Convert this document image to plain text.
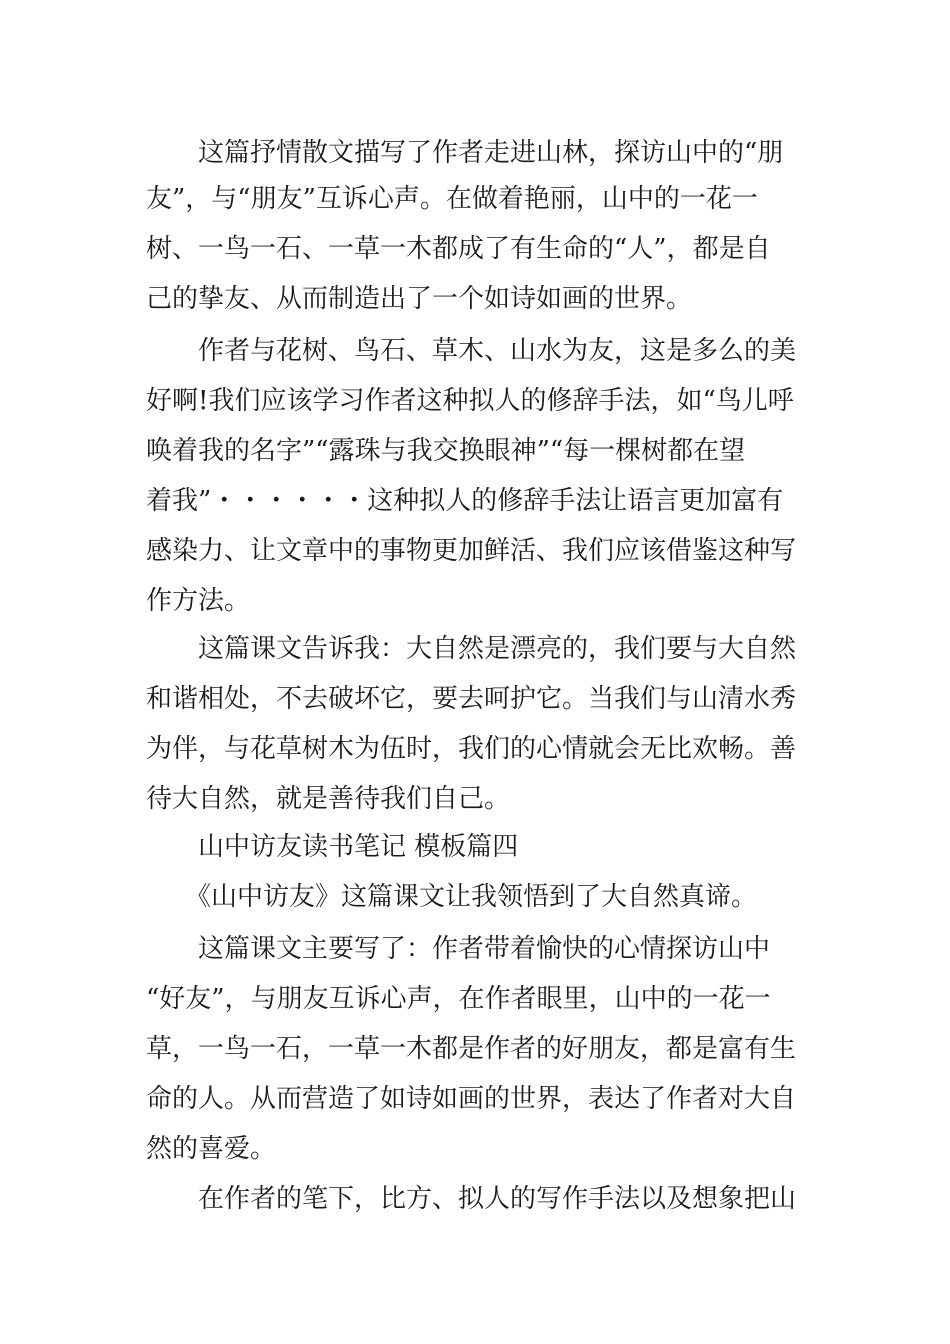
　　这篇抒情散文描写了作者走进山林，探访山中的“朋
友”，与“朋友”互诉心声。在做着艳丽，山中的一花一
树、一鸟一石、一草一木都成了有生命的“人”，都是自
己的挚友、从而制造出了一个如诗如画的世界。
　　作者与花树、鸟石、草木、山水为友，这是多么的美
好啊!我们应该学习作者这种拟人的修辞手法，如“鸟儿呼
唤着我的名字”“露珠与我交换眼神”“每一棵树都在望
着我”・・・・・・这种拟人的修辞手法让语言更加富有
感染力、让文章中的事物更加鲜活、我们应该借鉴这种写
作方法。
　　这篇课文告诉我：大自然是漂亮的，我们要与大自然
和谐相处，不去破坏它，要去呵护它。当我们与山清水秀
为伴，与花草树木为伍时，我们的心情就会无比欢畅。善
待大自然，就是善待我们自己。
　　山中访友读书笔记 模板篇四
　　《山中访友》这篇课文让我领悟到了大自然真谛。
　　这篇课文主要写了：作者带着愉快的心情探访山中
“好友”，与朋友互诉心声，在作者眼里，山中的一花一
草，一鸟一石，一草一木都是作者的好朋友，都是富有生
命的人。从而营造了如诗如画的世界，表达了作者对大自
然的喜爱。
　　在作者的笔下，比方、拟人的写作手法以及想象把山
